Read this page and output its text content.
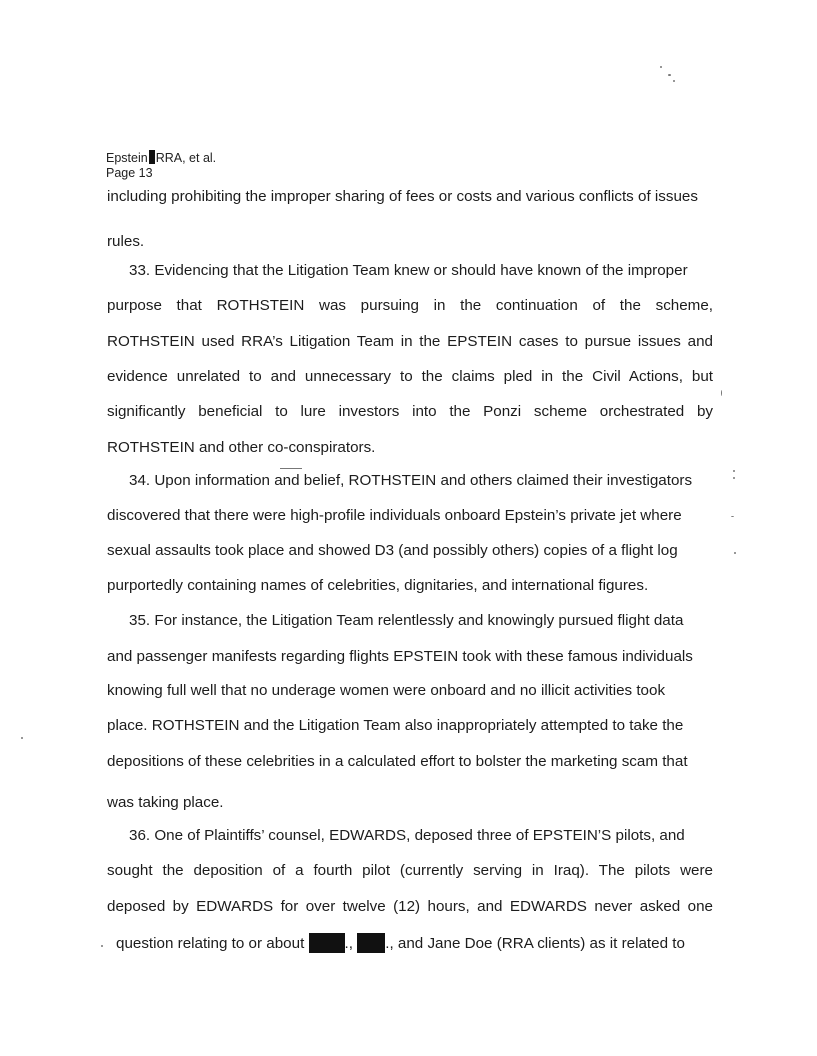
Epstein RRA, et al.
Page 13
including prohibiting the improper sharing of fees or costs and various conflicts of issues
rules.
33. Evidencing that the Litigation Team knew or should have known of the improper
purpose that ROTHSTEIN was pursuing in the continuation of the scheme,
ROTHSTEIN used RRA’s Litigation Team in the EPSTEIN cases to pursue issues and
evidence unrelated to and unnecessary to the claims pled in the Civil Actions, but
significantly beneficial to lure investors into the Ponzi scheme orchestrated by
ROTHSTEIN and other co-conspirators.
34. Upon information and belief, ROTHSTEIN and others claimed their investigators
discovered that there were high-profile individuals onboard Epstein’s private jet where
sexual assaults took place and showed D3 (and possibly others) copies of a flight log
purportedly containing names of celebrities, dignitaries, and international figures.
35. For instance, the Litigation Team relentlessly and knowingly pursued flight data
and passenger manifests regarding flights EPSTEIN took with these famous individuals
knowing full well that no underage women were onboard and no illicit activities took
place. ROTHSTEIN and the Litigation Team also inappropriately attempted to take the
depositions of these celebrities in a calculated effort to bolster the marketing scam that
was taking place.
36. One of Plaintiffs’ counsel, EDWARDS, deposed three of EPSTEIN’S pilots, and
sought the deposition of a fourth pilot (currently serving in Iraq). The pilots were
deposed by EDWARDS for over twelve (12) hours, and EDWARDS never asked one
question relating to or about	., ., and Jane Doe (RRA clients) as it related to
